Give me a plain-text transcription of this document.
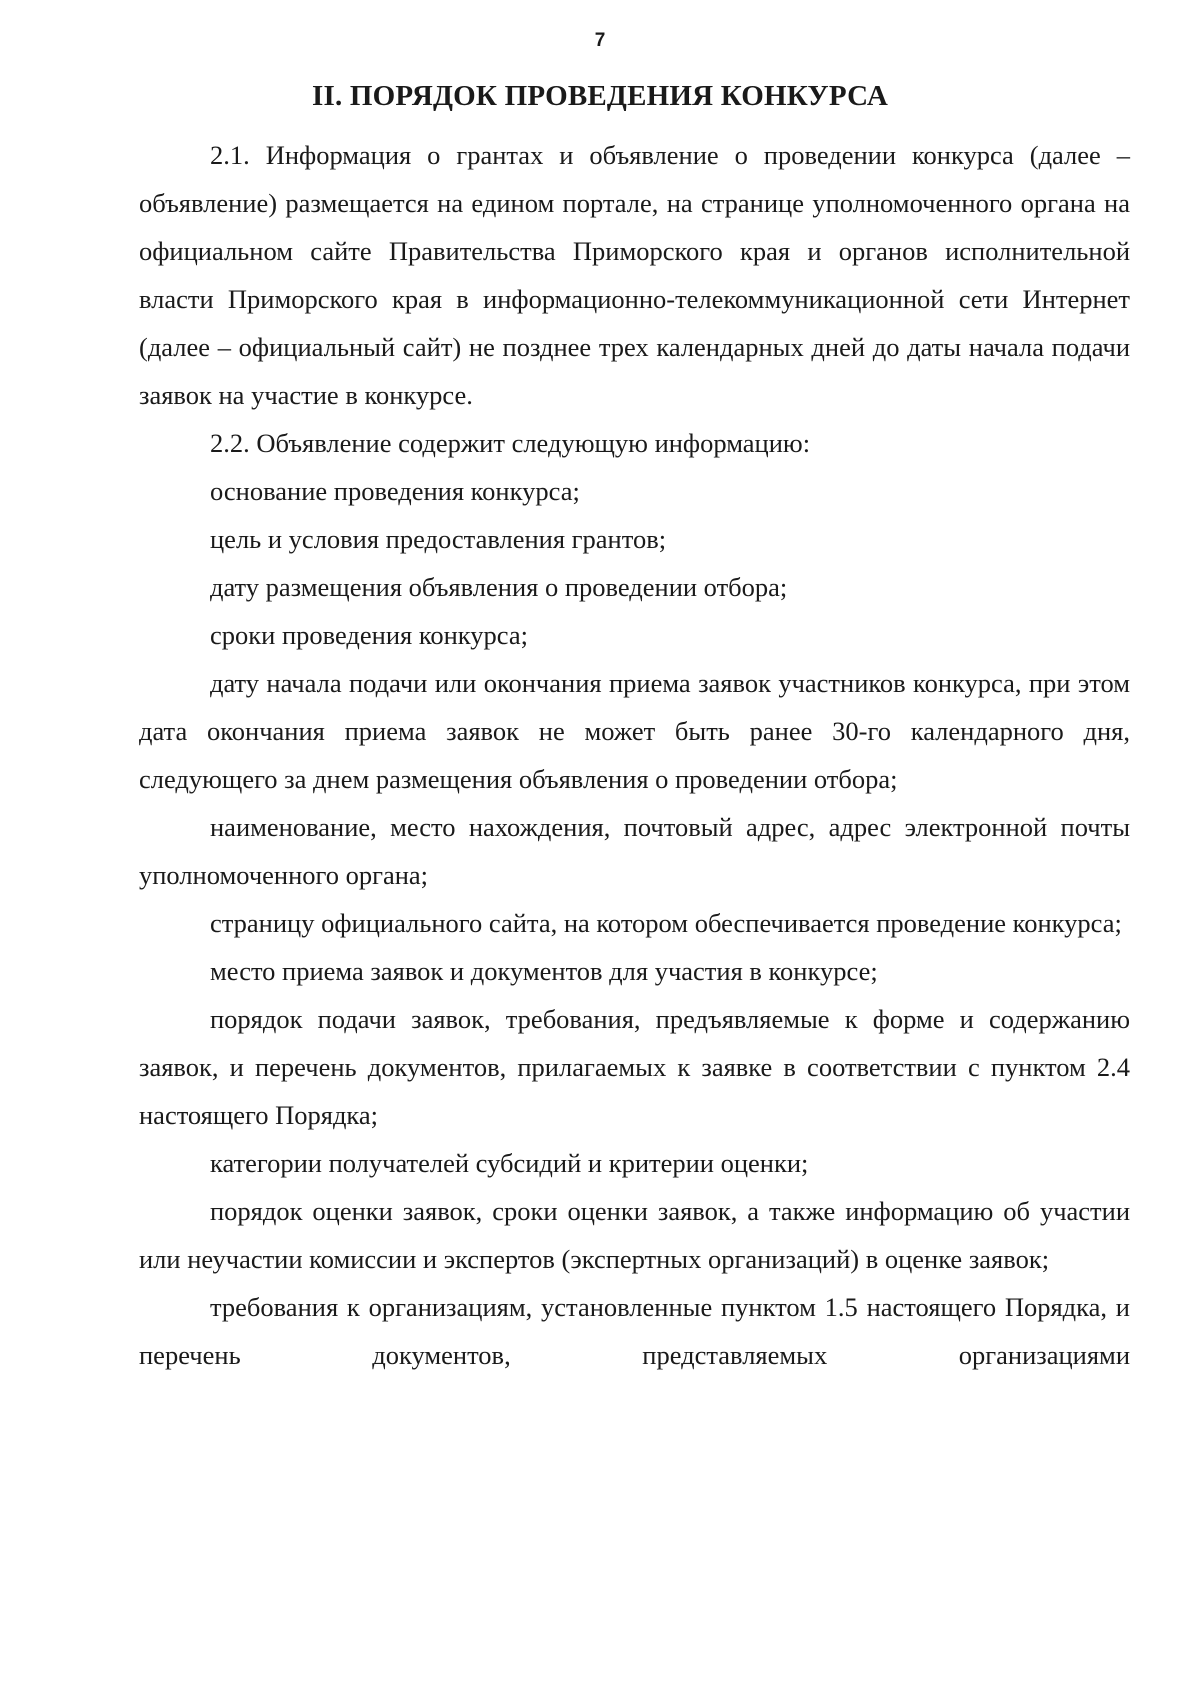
7
II. ПОРЯДОК ПРОВЕДЕНИЯ КОНКУРСА

2.1. Информация о грантах и объявление о проведении конкурса (далее – объявление) размещается на едином портале, на странице уполномоченного органа на официальном сайте Правительства Приморского края и органов исполнительной власти Приморского края в информационно-телекоммуникационной сети Интернет (далее – официальный сайт) не позднее трех календарных дней до даты начала подачи заявок на участие в конкурсе.

2.2. Объявление содержит следующую информацию:

основание проведения конкурса;

цель и условия предоставления грантов;

дату размещения объявления о проведении отбора;

сроки проведения конкурса;

дату начала подачи или окончания приема заявок участников конкурса, при этом дата окончания приема заявок не может быть ранее 30-го календарного дня, следующего за днем размещения объявления о проведении отбора;

наименование, место нахождения, почтовый адрес, адрес электронной почты уполномоченного органа;

страницу официального сайта, на котором обеспечивается проведение конкурса;

место приема заявок и документов для участия в конкурсе;

порядок подачи заявок, требования, предъявляемые к форме и содержанию заявок, и перечень документов, прилагаемых к заявке в соответствии с пунктом 2.4 настоящего Порядка;

категории получателей субсидий и критерии оценки;

порядок оценки заявок, сроки оценки заявок, а также информацию об участии или неучастии комиссии и экспертов (экспертных организаций) в оценке заявок;

требования к организациям, установленные пунктом 1.5 настоящего Порядка, и перечень документов, представляемых организациями
